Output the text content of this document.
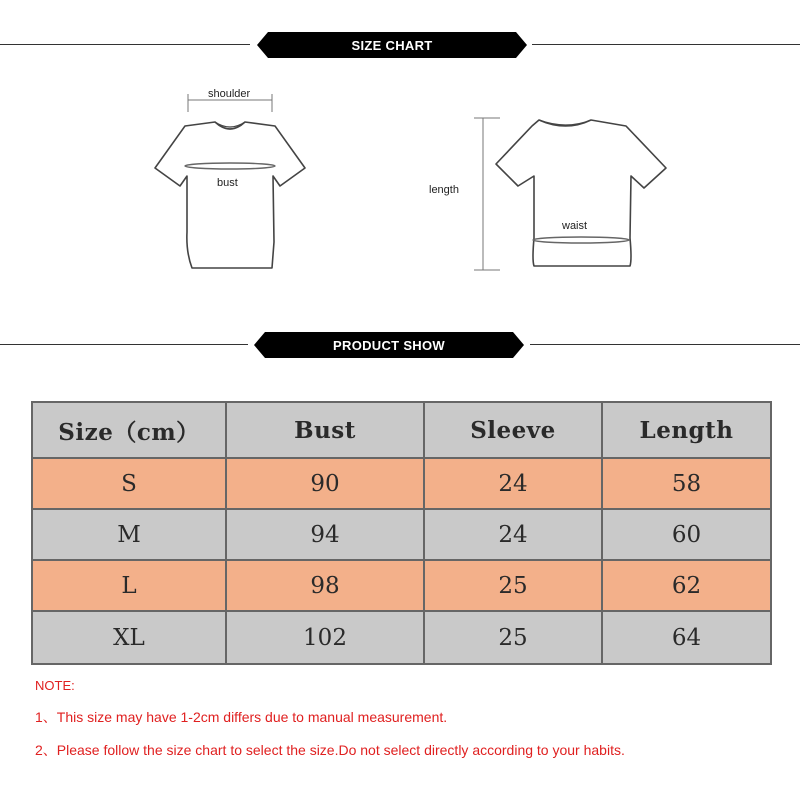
SIZE CHART
shoulder
bust
length
waist
PRODUCT SHOW
Size（cm）	Bust	Sleeve	Length
S	90	24	58
M	94	24	60
L	98	25	62
XL	102	25	64
NOTE:
1、This size may have 1-2cm differs due to manual measurement.
2、Please follow the size chart to select the size.Do not select directly according to your habits.
